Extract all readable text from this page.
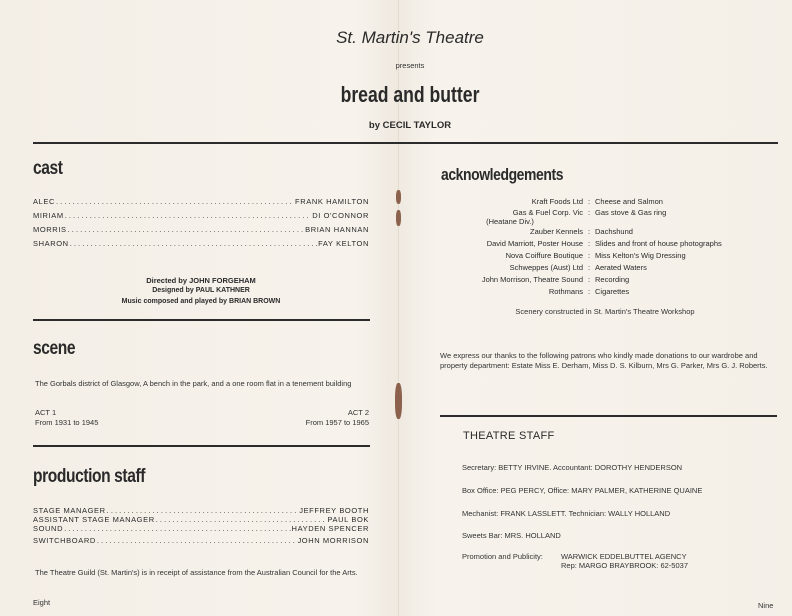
St. Martin's Theatre
presents
bread and butter
by CECIL TAYLOR
cast
ALEC . . .	FRANK HAMILTON
MIRIAM . . .	DI O'CONNOR
MORRIS . . .	BRIAN HANNAN
SHARON . . .	FAY KELTON
Directed by JOHN FORGEHAM
Designed by PAUL KATHNER
Music composed and played by BRIAN BROWN
scene
The Gorbals district of Glasgow, A bench in the park, and a one room flat in a tenement building
ACT 1
From 1931 to 1945
ACT 2
From 1957 to 1965
production staff
STAGE MANAGER . . .	JEFFREY BOOTH
ASSISTANT STAGE MANAGER . . .	PAUL BOK
SOUND . . .	HAYDEN SPENCER
SWITCHBOARD . . .	JOHN MORRISON
The Theatre Guild (St. Martin's) is in receipt of assistance from the Australian Council for the Arts.
Eight
acknowledgements
Kraft Foods Ltd : Cheese and Salmon
Gas & Fuel Corp. Vic : Gas stove & Gas ring
(Heatane Div.)
Zauber Kennels : Dachshund
David Marriott, Poster House : Slides and front of house photographs
Nova Coiffure Boutique : Miss Kelton's Wig Dressing
Schweppes (Aust) Ltd : Aerated Waters
John Morrison, Theatre Sound : Recording
Rothmans : Cigarettes
Scenery constructed in St. Martin's Theatre Workshop
We express our thanks to the following patrons who kindly made donations to our wardrobe and property department: Estate Miss E. Derham, Miss D. S. Kilburn, Mrs G. Parker, Mrs G. J. Roberts.
THEATRE STAFF
Secretary: BETTY IRVINE. Accountant: DOROTHY HENDERSON
Box Office: PEG PERCY, Office: MARY PALMER, KATHERINE QUAINE
Mechanist: FRANK LASSLETT. Technician: WALLY HOLLAND
Sweets Bar: MRS. HOLLAND
Promotion and Publicity: WARWICK EDDELBUTTEL AGENCY
Rep: MARGO BRAYBROOK: 62-5037
Nine
